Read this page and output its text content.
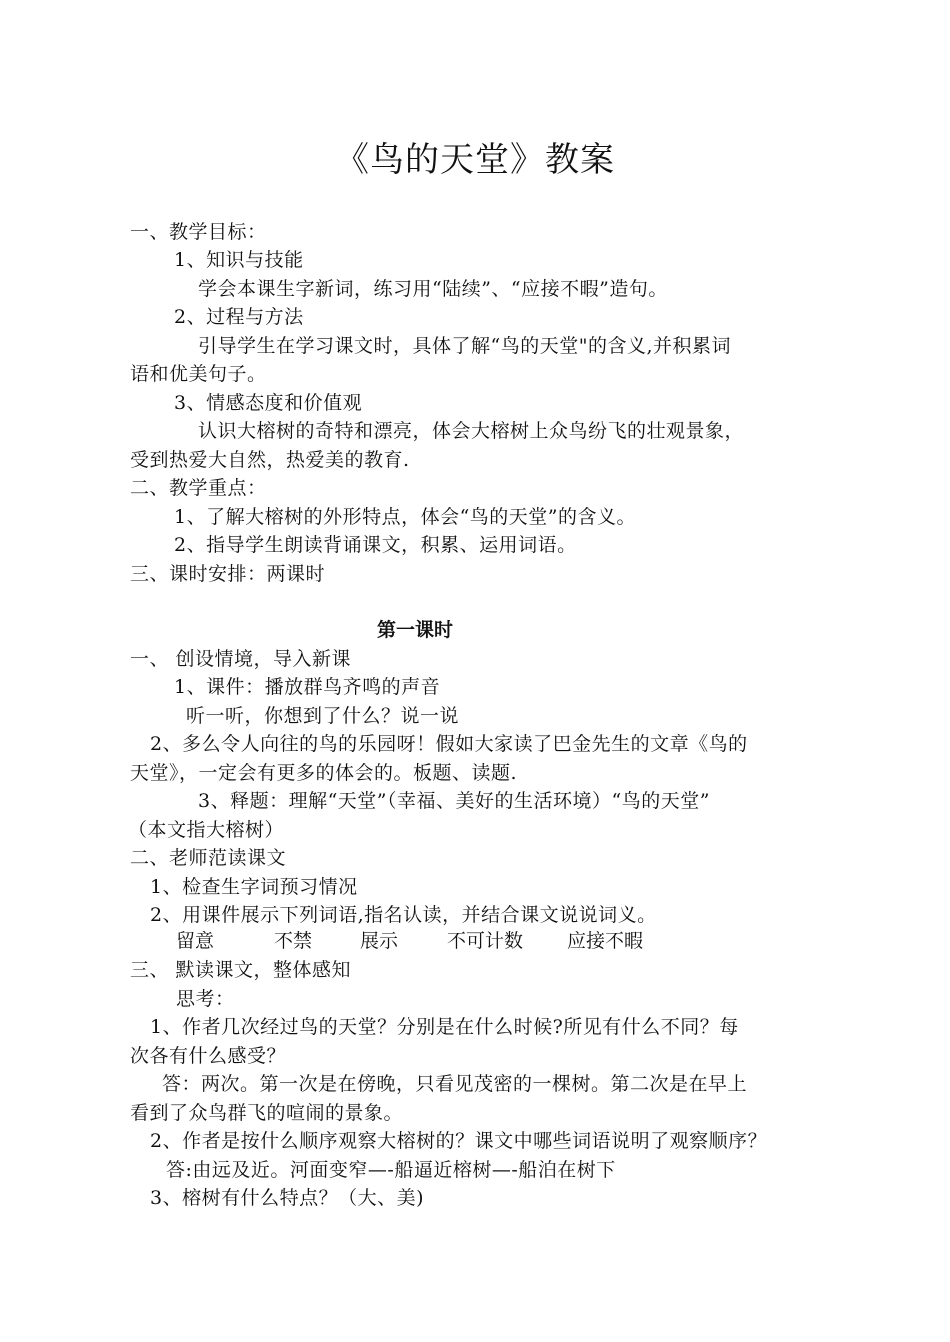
《鸟的天堂》教案
一、教学目标：
1、知识与技能
学会本课生字新词，练习用“陆续”、“应接不暇”造句。
2、过程与方法
引导学生在学习课文时，具体了解“鸟的天堂"的含义,并积累词
语和优美句子。
3、情感态度和价值观
认识大榕树的奇特和漂亮，体会大榕树上众鸟纷飞的壮观景象，
受到热爱大自然，热爱美的教育.
二、教学重点：
1、了解大榕树的外形特点，体会“鸟的天堂”的含义。
2、指导学生朗读背诵课文，积累、运用词语。
三、课时安排：两课时
第一课时
一、 创设情境，导入新课
1、课件：播放群鸟齐鸣的声音
听一听，你想到了什么？说一说
2、多么令人向往的鸟的乐园呀！假如大家读了巴金先生的文章《鸟的
天堂》，一定会有更多的体会的。板题、读题.
3、释题：理解“天堂”（幸福、美好的生活环境）“鸟的天堂”
（本文指大榕树）
二、老师范读课文
1、检查生字词预习情况
2、用课件展示下列词语,指名认读，并结合课文说说词义。
留意	不禁	展示	不可计数 应接不暇
三、 默读课文，整体感知
思考：
1、作者几次经过鸟的天堂？分别是在什么时候?所见有什么不同？每
次各有什么感受？
答：两次。第一次是在傍晚，只看见茂密的一棵树。第二次是在早上
看到了众鸟群飞的喧闹的景象。
2、作者是按什么顺序观察大榕树的？课文中哪些词语说明了观察顺序？
答:由远及近。河面变窄—-船逼近榕树—-船泊在树下
3、榕树有什么特点？（大、美)
